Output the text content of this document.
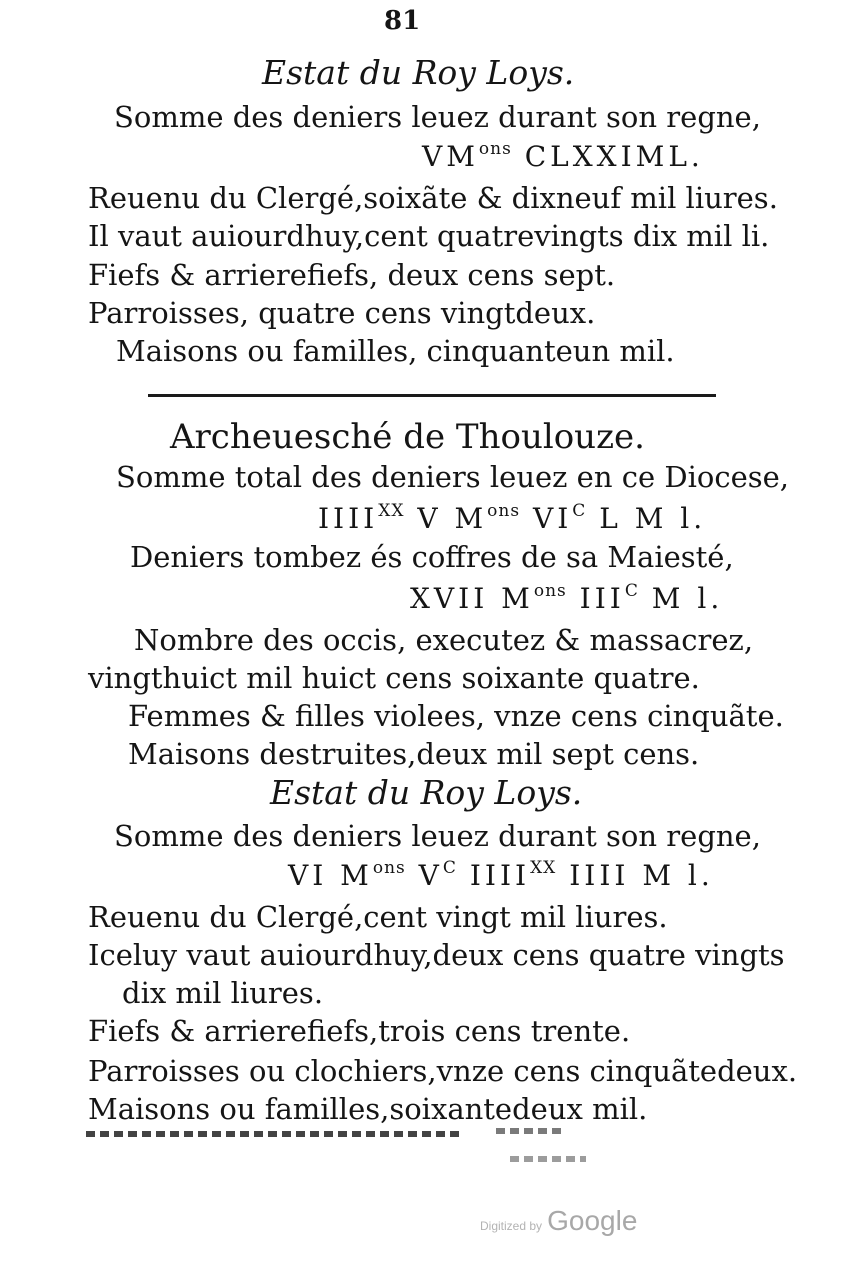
81
Estat du Roy Loys.
Somme des deniers leuez durant son regne,
$VM^{ons}$ CLXXIML.
Reuenu du Clergé,soixãte & dixneuf mil liures.
Il vaut auiourdhuy,cent quatrevingts dix mil li.
Fiefs & arrierefiefs, deux cens sept.
Parroisses, quatre cens vingtdeux.
Maisons ou familles, cinquanteun mil.
Archeuesché de Thoulouze.
Somme total des deniers leuez en ce Diocese,
$IIII^{XX}$ V $M^{ons}$ $VI^C$ L M l.
Deniers tombez és coffres de sa Maiesté,
XVII $M^{ons}$ $III^C$ M l.
Nombre des occis, executez & massacrez,
vingthuict mil huict cens soixante quatre.
Femmes & filles violees, vnze cens cinquãte.
Maisons destruites,deux mil sept cens.
Estat du Roy Loys.
Somme des deniers leuez durant son regne,
VI $M^{ons}$ $V^C$ $IIII^{XX}$ IIII M l.
Reuenu du Clergé,cent vingt mil liures.
Iceluy vaut auiourdhuy,deux cens quatre vingts
dix mil liures.
Fiefs & arrierefiefs,trois cens trente.
Parroisses ou clochiers,vnze cens cinquãtedeux.
Maisons ou familles,soixantedeux mil.
Digitized by Google
